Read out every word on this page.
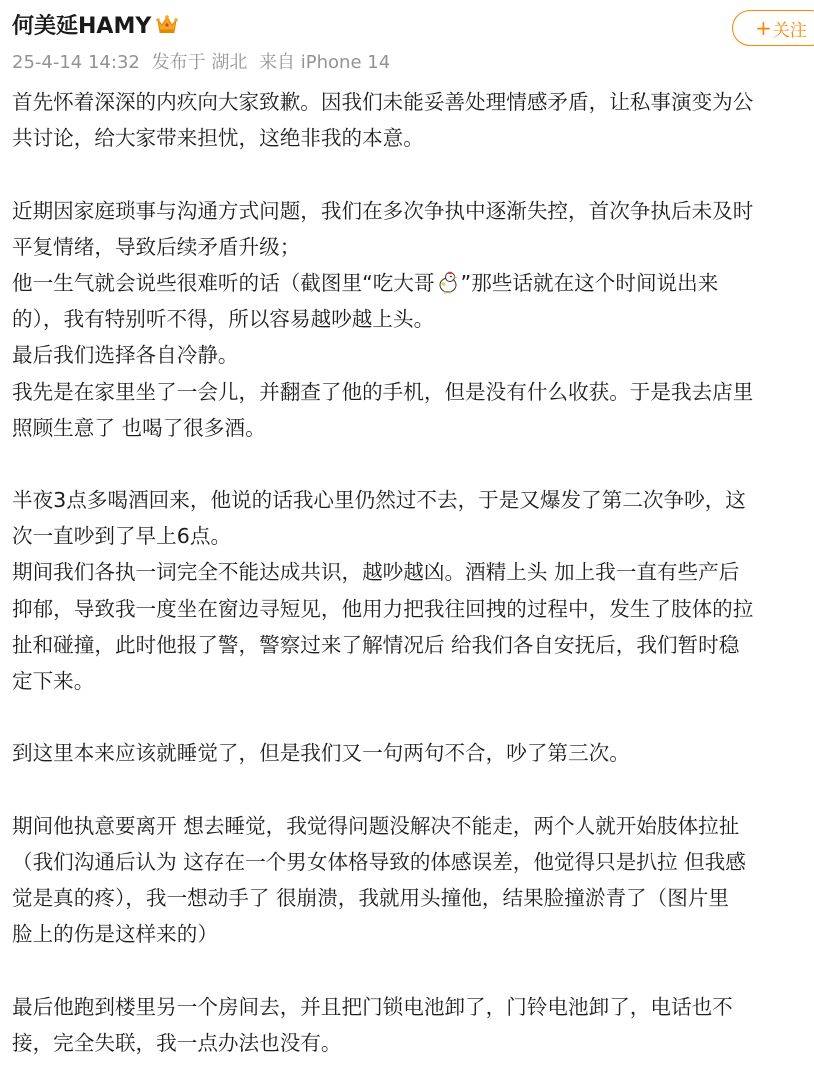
何美延HAMY
25-4-14 14:32 发布于 湖北 来自 iPhone 14
+ 关注
首先怀着深深的内疚向大家致歉。因我们未能妥善处理情感矛盾，让私事演变为公
共讨论，给大家带来担忧，这绝非我的本意。
近期因家庭琐事与沟通方式问题，我们在多次争执中逐渐失控，首次争执后未及时
平复情绪，导致后续矛盾升级；
他一生气就会说些很难听的话（截图里“吃大哥 ”那些话就在这个时间说出来
的），我有特别听不得，所以容易越吵越上头。
最后我们选择各自冷静。
我先是在家里坐了一会儿，并翻查了他的手机，但是没有什么收获。于是我去店里
照顾生意了 也喝了很多酒。
半夜3点多喝酒回来，他说的话我心里仍然过不去，于是又爆发了第二次争吵，这
次一直吵到了早上6点。
期间我们各执一词完全不能达成共识，越吵越凶。酒精上头 加上我一直有些产后
抑郁，导致我一度坐在窗边寻短见，他用力把我往回拽的过程中，发生了肢体的拉
扯和碰撞，此时他报了警，警察过来了解情况后 给我们各自安抚后，我们暂时稳
定下来。
到这里本来应该就睡觉了，但是我们又一句两句不合，吵了第三次。
期间他执意要离开 想去睡觉，我觉得问题没解决不能走，两个人就开始肢体拉扯
（我们沟通后认为 这存在一个男女体格导致的体感误差，他觉得只是扒拉 但我感
觉是真的疼），我一想动手了 很崩溃，我就用头撞他，结果脸撞淤青了（图片里
脸上的伤是这样来的）
最后他跑到楼里另一个房间去，并且把门锁电池卸了，门铃电池卸了，电话也不
接，完全失联，我一点办法也没有。
